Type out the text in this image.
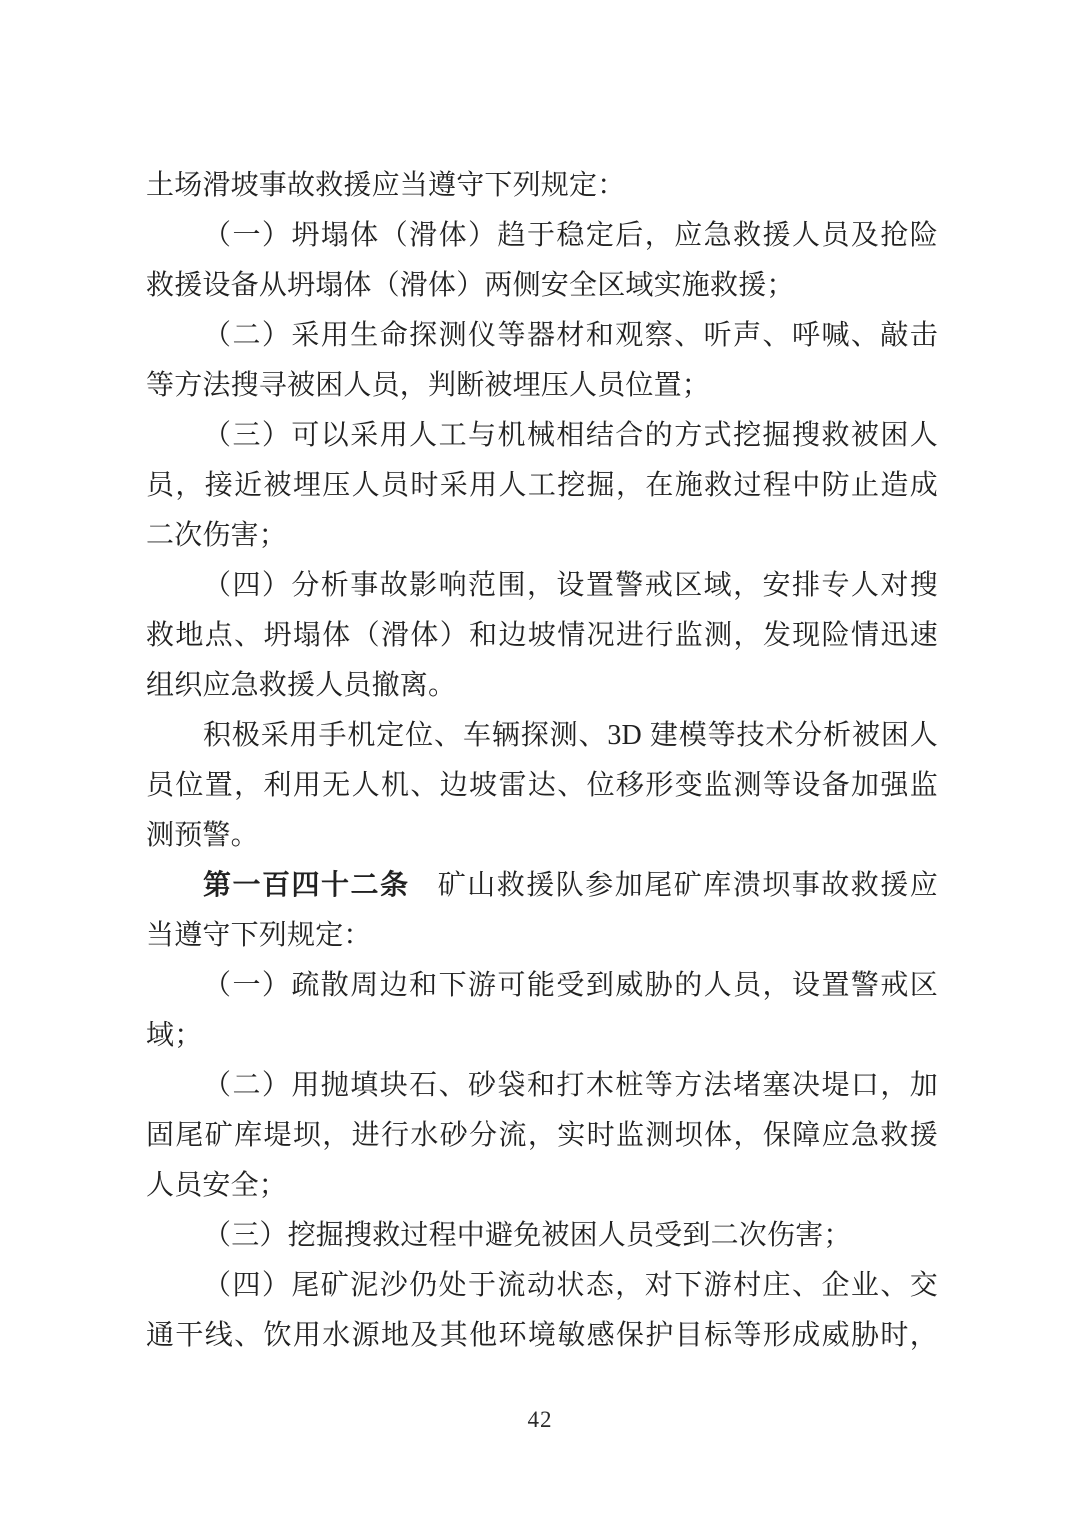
土场滑坡事故救援应当遵守下列规定：
（一）坍塌体（滑体）趋于稳定后，应急救援人员及抢险
救援设备从坍塌体（滑体）两侧安全区域实施救援；
（二）采用生命探测仪等器材和观察、听声、呼喊、敲击
等方法搜寻被困人员，判断被埋压人员位置；
（三）可以采用人工与机械相结合的方式挖掘搜救被困人
员，接近被埋压人员时采用人工挖掘，在施救过程中防止造成
二次伤害；
（四）分析事故影响范围，设置警戒区域，安排专人对搜
救地点、坍塌体（滑体）和边坡情况进行监测，发现险情迅速
组织应急救援人员撤离。
积极采用手机定位、车辆探测、3D 建模等技术分析被困人
员位置，利用无人机、边坡雷达、位移形变监测等设备加强监
测预警。
第一百四十二条 矿山救援队参加尾矿库溃坝事故救援应
当遵守下列规定：
（一）疏散周边和下游可能受到威胁的人员，设置警戒区
域；
（二）用抛填块石、砂袋和打木桩等方法堵塞决堤口，加
固尾矿库堤坝，进行水砂分流，实时监测坝体，保障应急救援
人员安全；
（三）挖掘搜救过程中避免被困人员受到二次伤害；
（四）尾矿泥沙仍处于流动状态，对下游村庄、企业、交
通干线、饮用水源地及其他环境敏感保护目标等形成威胁时，
42
